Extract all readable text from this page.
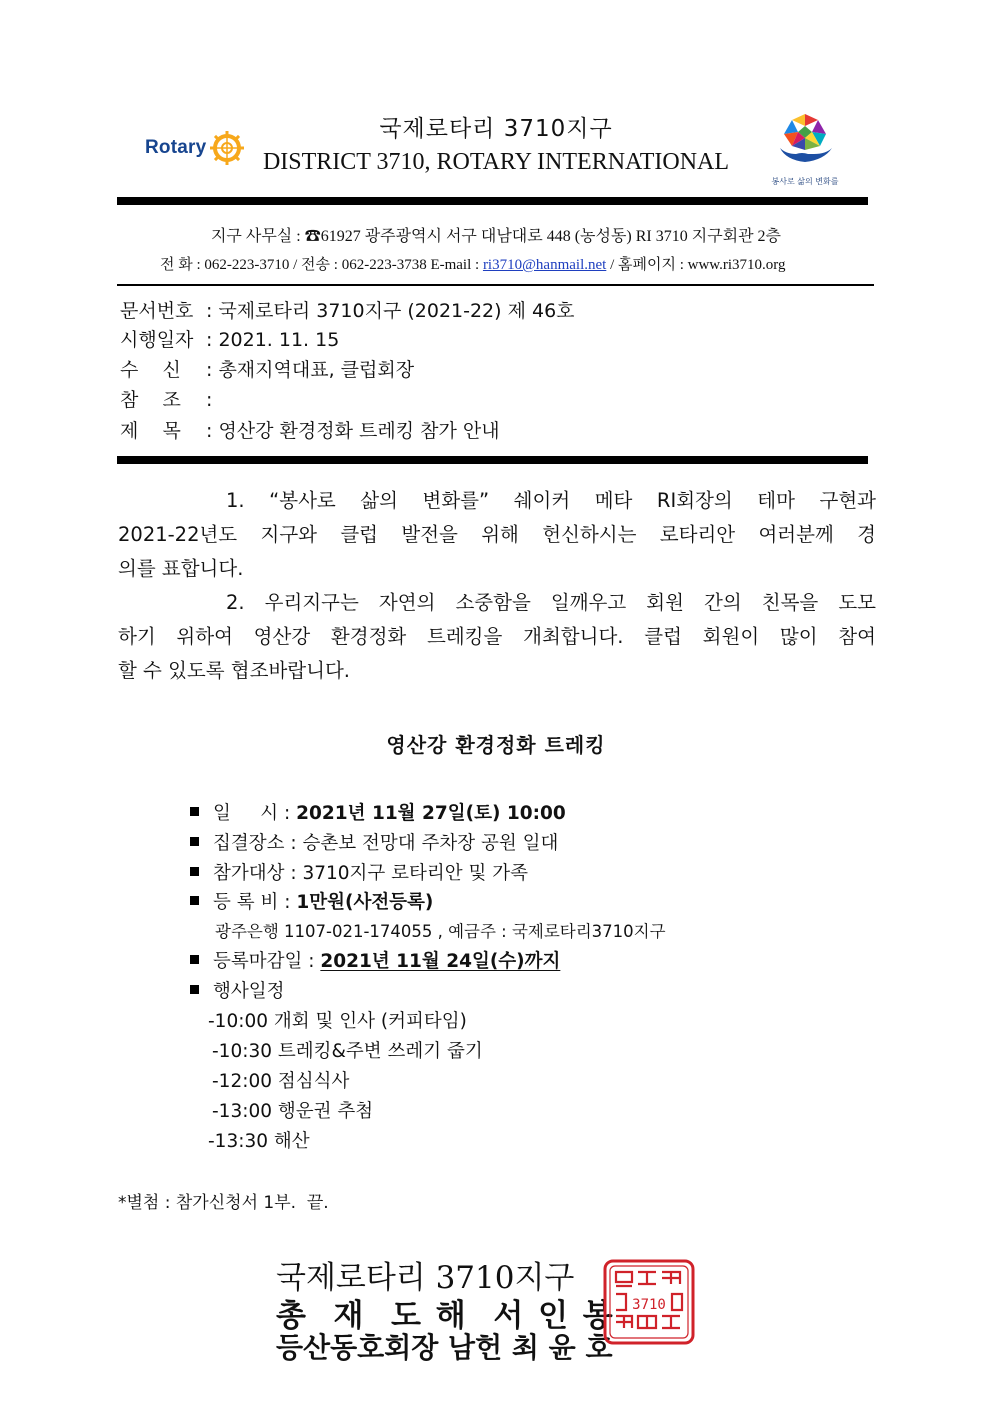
Rotary
국제로타리 3710지구
DISTRICT 3710, ROTARY INTERNATIONAL
봉사로 삶의 변화를
지구 사무실 : ☎61927 광주광역시 서구 대남대로 448 (농성동) RI 3710 지구회관 2층
전 화 : 062-223-3710 / 전송 : 062-223-3738 E-mail : ri3710@hanmail.net / 홈페이지 : www.ri3710.org
문서번호 : 국제로타리 3710지구 (2021-22) 제 46호
시행일자 : 2021. 11. 15
수    신 : 총재지역대표, 클럽회장
참    조 :
제    목 : 영산강 환경정화 트레킹 참가 안내
1. “봉사로 삶의 변화를” 쉐이커 메타 RI회장의 테마 구현과
2021-22년도 지구와 클럽 발전을 위해 헌신하시는 로타리안 여러분께 경
의를 표합니다.
2. 우리지구는 자연의 소중함을 일깨우고 회원 간의 친목을 도모
하기 위하여 영산강 환경정화 트레킹을 개최합니다. 클럽 회원이 많이 참여
할 수 있도록 협조바랍니다.
영산강 환경정화 트레킹
일     시 : 2021년 11월 27일(토) 10:00
집결장소 : 승촌보 전망대 주차장 공원 일대
참가대상 : 3710지구 로타리안 및 가족
등 록 비 : 1만원(사전등록)
광주은행 1107-021-174055 , 예금주 : 국제로타리3710지구
등록마감일 : 2021년 11월 24일(수)까지
행사일정
-10:00 개회 및 인사 (커피타임)
-10:30 트레킹&주변 쓰레기 줍기
-12:00 점심식사
-13:00 행운권 추첨
-13:30 해산
*별첨 : 참가신청서 1부.  끝.
국제로타리 3710지구
총  재  도 해  서 인 봉
등산동호회장 남헌 최 윤 호
3710
